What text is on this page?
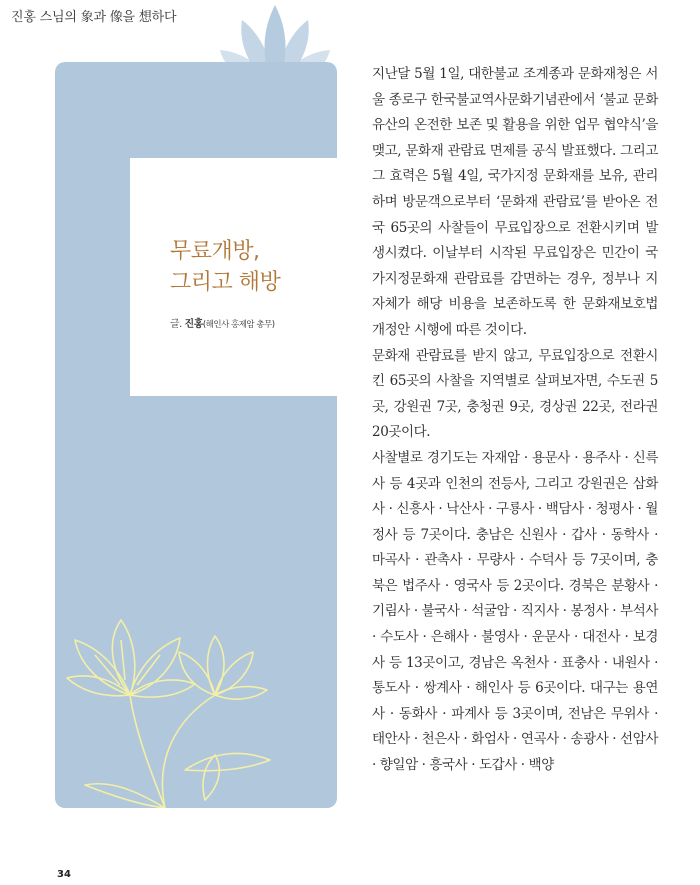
진홍 스님의 象과 像을 想하다
무료개방,
그리고 해방
글. 진홍(해인사 홍제암 총무)

지난달 5월 1일, 대한불교 조계종과 문화재청은 서울 종로구 한국불교역사문화기념관에서 ‘불교 문화유산의 온전한 보존 및 활용을 위한 업무 협약식’을 맺고, 문화재 관람료 면제를 공식 발표했다. 그리고 그 효력은 5월 4일, 국가지정 문화재를 보유, 관리하며 방문객으로부터 ‘문화재 관람료’를 받아온 전국 65곳의 사찰들이 무료입장으로 전환시키며 발생시켰다. 이날부터 시작된 무료입장은 민간이 국가지정문화재 관람료를 감면하는 경우, 정부나 지자체가 해당 비용을 보존하도록 한 문화재보호법 개정안 시행에 따른 것이다.

문화재 관람료를 받지 않고, 무료입장으로 전환시킨 65곳의 사찰을 지역별로 살펴보자면, 수도권 5곳, 강원권 7곳, 충청권 9곳, 경상권 22곳, 전라권 20곳이다.

사찰별로 경기도는 자재암 · 용문사 · 용주사 · 신륵사 등 4곳과 인천의 전등사, 그리고 강원권은 삼화사 · 신흥사 · 낙산사 · 구룡사 · 백담사 · 청평사 · 월정사 등 7곳이다. 충남은 신원사 · 갑사 · 동학사 · 마곡사 · 관촉사 · 무량사 · 수덕사 등 7곳이며, 충북은 법주사 · 영국사 등 2곳이다. 경북은 분황사 · 기림사 · 불국사 · 석굴암 · 직지사 · 봉정사 · 부석사 · 수도사 · 은해사 · 불영사 · 운문사 · 대전사 · 보경사 등 13곳이고, 경남은 옥천사 · 표충사 · 내원사 · 통도사 · 쌍계사 · 해인사 등 6곳이다. 대구는 용연사 · 동화사 · 파계사 등 3곳이며, 전남은 무위사 · 태안사 · 천은사 · 화엄사 · 연곡사 · 송광사 · 선암사 · 향일암 · 흥국사 · 도갑사 · 백양

34
